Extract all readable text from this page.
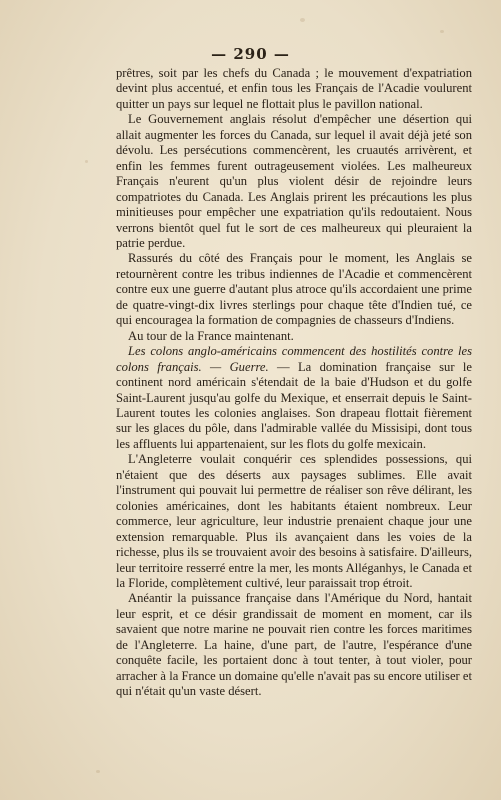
— 290 —

prêtres, soit par les chefs du Canada ; le mouvement d'expatriation devint plus accentué, et enfin tous les Français de l'Acadie voulurent quitter un pays sur lequel ne flottait plus le pavillon national.

Le Gouvernement anglais résolut d'empêcher une désertion qui allait augmenter les forces du Canada, sur lequel il avait déjà jeté son dévolu. Les persécutions commencèrent, les cruautés arrivèrent, et enfin les femmes furent outrageusement violées. Les malheureux Français n'eurent qu'un plus violent désir de rejoindre leurs compatriotes du Canada. Les Anglais prirent les précautions les plus minitieuses pour empêcher une expatriation qu'ils redoutaient. Nous verrons bientôt quel fut le sort de ces malheureux qui pleuraient la patrie perdue.

Rassurés du côté des Français pour le moment, les Anglais se retournèrent contre les tribus indiennes de l'Acadie et commencèrent contre eux une guerre d'autant plus atroce qu'ils accordaient une prime de quatre-vingt-dix livres sterlings pour chaque tête d'Indien tué, ce qui encouragea la formation de compagnies de chasseurs d'Indiens.

Au tour de la France maintenant.

Les colons anglo-américains commencent des hostilités contre les colons français. — Guerre. — La domination française sur le continent nord américain s'étendait de la baie d'Hudson et du golfe Saint-Laurent jusqu'au golfe du Mexique, et enserrait depuis le Saint-Laurent toutes les colonies anglaises. Son drapeau flottait fièrement sur les glaces du pôle, dans l'admirable vallée du Missisipi, dont tous les affluents lui appartenaient, sur les flots du golfe mexicain.

L'Angleterre voulait conquérir ces splendides possessions, qui n'étaient que des déserts aux paysages sublimes. Elle avait l'instrument qui pouvait lui permettre de réaliser son rêve délirant, les colonies américaines, dont les habitants étaient nombreux. Leur commerce, leur agriculture, leur industrie prenaient chaque jour une extension remarquable. Plus ils avançaient dans les voies de la richesse, plus ils se trouvaient avoir des besoins à satisfaire. D'ailleurs, leur territoire resserré entre la mer, les monts Alléganhys, le Canada et la Floride, complètement cultivé, leur paraissait trop étroit.

Anéantir la puissance française dans l'Amérique du Nord, hantait leur esprit, et ce désir grandissait de moment en moment, car ils savaient que notre marine ne pouvait rien contre les forces maritimes de l'Angleterre. La haine, d'une part, de l'autre, l'espérance d'une conquête facile, les portaient donc à tout tenter, à tout violer, pour arracher à la France un domaine qu'elle n'avait pas su encore utiliser et qui n'était qu'un vaste désert.
